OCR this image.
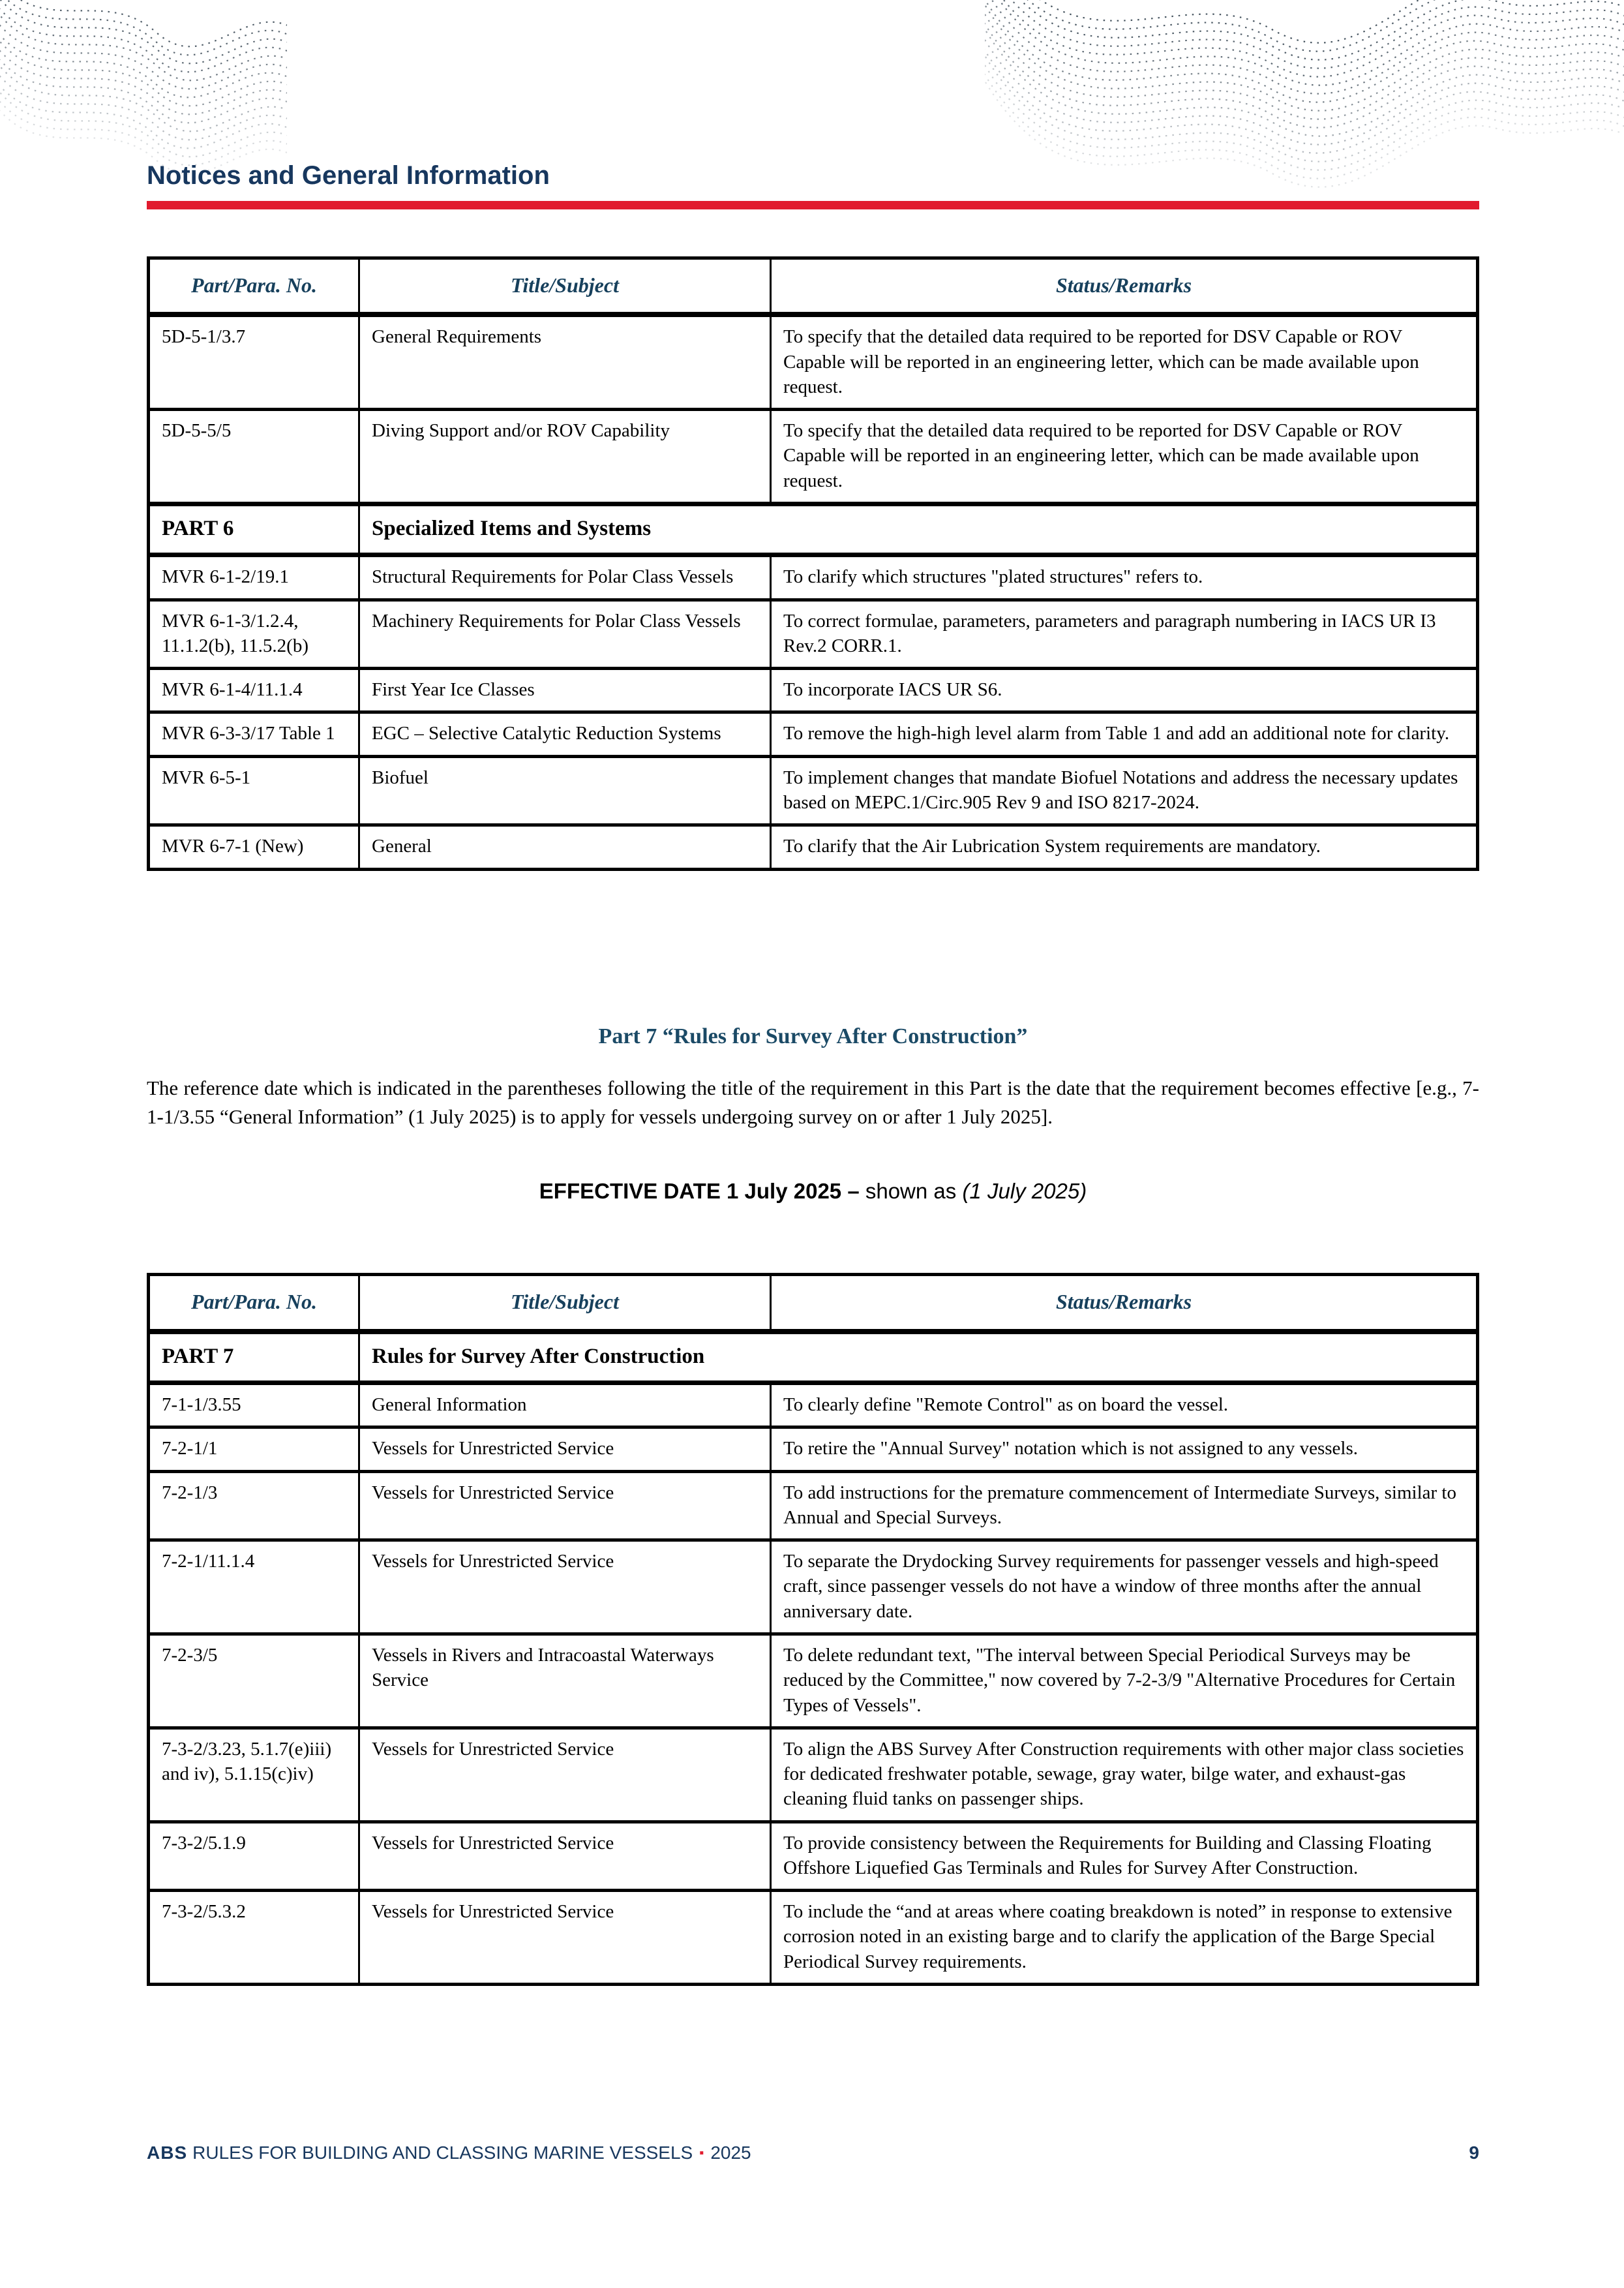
Notices and General Information
Part/Para. No.	Title/Subject	Status/Remarks
5D-5-1/3.7	General Requirements	To specify that the detailed data required to be reported for DSV Capable or ROV Capable will be reported in an engineering letter, which can be made available upon request.
5D-5-5/5	Diving Support and/or ROV Capability	To specify that the detailed data required to be reported for DSV Capable or ROV Capable will be reported in an engineering letter, which can be made available upon request.
PART 6	Specialized Items and Systems	
MVR 6-1-2/19.1	Structural Requirements for Polar Class Vessels	To clarify which structures "plated structures" refers to.
MVR 6-1-3/1.2.4, 11.1.2(b), 11.5.2(b)	Machinery Requirements for Polar Class Vessels	To correct formulae, parameters, parameters and paragraph numbering in IACS UR I3 Rev.2 CORR.1.
MVR 6-1-4/11.1.4	First Year Ice Classes	To incorporate IACS UR S6.
MVR 6-3-3/17 Table 1	EGC – Selective Catalytic Reduction Systems	To remove the high-high level alarm from Table 1 and add an additional note for clarity.
MVR 6-5-1	Biofuel	To implement changes that mandate Biofuel Notations and address the necessary updates based on MEPC.1/Circ.905 Rev 9 and ISO 8217-2024.
MVR 6-7-1 (New)	General	To clarify that the Air Lubrication System requirements are mandatory.
Part 7 “Rules for Survey After Construction”

The reference date which is indicated in the parentheses following the title of the requirement in this Part is the date that the requirement becomes effective [e.g., 7-1-1/3.55 “General Information” (1 July 2025) is to apply for vessels undergoing survey on or after 1 July 2025].

EFFECTIVE DATE 1 July 2025 – shown as (1 July 2025)
Part/Para. No.	Title/Subject	Status/Remarks
PART 7	Rules for Survey After Construction	
7-1-1/3.55	General Information	To clearly define "Remote Control" as on board the vessel.
7-2-1/1	Vessels for Unrestricted Service	To retire the "Annual Survey" notation which is not assigned to any vessels.
7-2-1/3	Vessels for Unrestricted Service	To add instructions for the premature commencement of Intermediate Surveys, similar to Annual and Special Surveys.
7-2-1/11.1.4	Vessels for Unrestricted Service	To separate the Drydocking Survey requirements for passenger vessels and high-speed craft, since passenger vessels do not have a window of three months after the annual anniversary date.
7-2-3/5	Vessels in Rivers and Intracoastal Waterways Service	To delete redundant text, "The interval between Special Periodical Surveys may be reduced by the Committee," now covered by 7-2-3/9 "Alternative Procedures for Certain Types of Vessels".
7-3-2/3.23, 5.1.7(e)iii) and iv), 5.1.15(c)iv)	Vessels for Unrestricted Service	To align the ABS Survey After Construction requirements with other major class societies for dedicated freshwater potable, sewage, gray water, bilge water, and exhaust-gas cleaning fluid tanks on passenger ships.
7-3-2/5.1.9	Vessels for Unrestricted Service	To provide consistency between the Requirements for Building and Classing Floating Offshore Liquefied Gas Terminals and Rules for Survey After Construction.
7-3-2/5.3.2	Vessels for Unrestricted Service	To include the “and at areas where coating breakdown is noted” in response to extensive corrosion noted in an existing barge and to clarify the application of the Barge Special Periodical Survey requirements.
ABS RULES FOR BUILDING AND CLASSING MARINE VESSELS ▪ 2025	9
